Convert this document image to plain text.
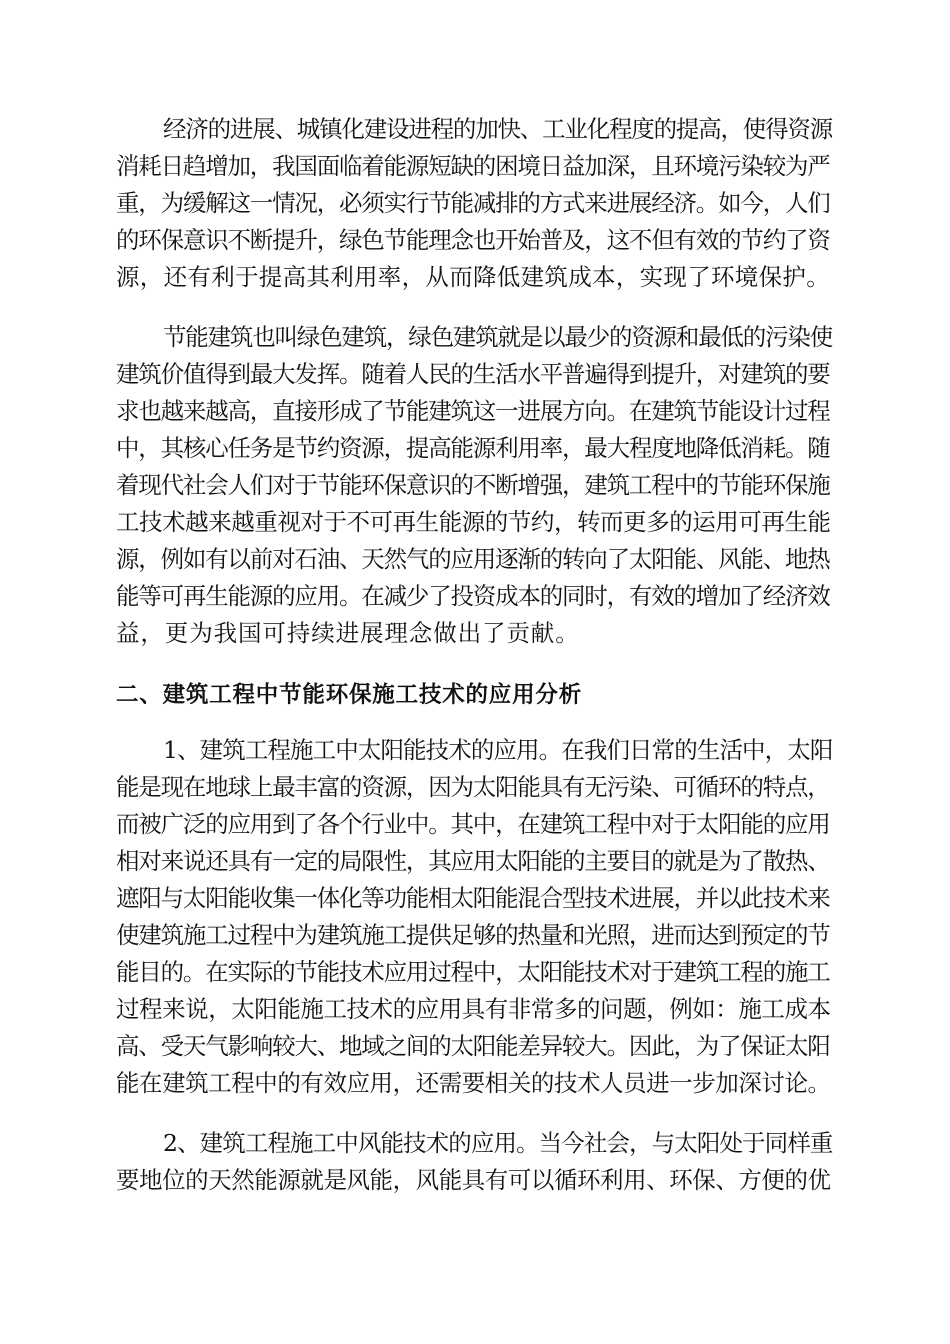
经济的进展、城镇化建设进程的加快、工业化程度的提高，使得资源
消耗日趋增加，我国面临着能源短缺的困境日益加深，且环境污染较为严
重，为缓解这一情况，必须实行节能减排的方式来进展经济。如今，人们
的环保意识不断提升，绿色节能理念也开始普及，这不但有效的节约了资
源，还有利于提高其利用率，从而降低建筑成本，实现了环境保护。
节能建筑也叫绿色建筑，绿色建筑就是以最少的资源和最低的污染使
建筑价值得到最大发挥。随着人民的生活水平普遍得到提升，对建筑的要
求也越来越高，直接形成了节能建筑这一进展方向。在建筑节能设计过程
中，其核心任务是节约资源，提高能源利用率，最大程度地降低消耗。随
着现代社会人们对于节能环保意识的不断增强，建筑工程中的节能环保施
工技术越来越重视对于不可再生能源的节约，转而更多的运用可再生能
源，例如有以前对石油、天然气的应用逐渐的转向了太阳能、风能、地热
能等可再生能源的应用。在减少了投资成本的同时，有效的增加了经济效
益，更为我国可持续进展理念做出了贡献。
二、建筑工程中节能环保施工技术的应用分析
1、建筑工程施工中太阳能技术的应用。在我们日常的生活中，太阳
能是现在地球上最丰富的资源，因为太阳能具有无污染、可循环的特点，
而被广泛的应用到了各个行业中。其中，在建筑工程中对于太阳能的应用
相对来说还具有一定的局限性，其应用太阳能的主要目的就是为了散热、
遮阳与太阳能收集一体化等功能相太阳能混合型技术进展，并以此技术来
使建筑施工过程中为建筑施工提供足够的热量和光照，进而达到预定的节
能目的。在实际的节能技术应用过程中，太阳能技术对于建筑工程的施工
过程来说，太阳能施工技术的应用具有非常多的问题，例如：施工成本
高、受天气影响较大、地域之间的太阳能差异较大。因此，为了保证太阳
能在建筑工程中的有效应用，还需要相关的技术人员进一步加深讨论。
2、建筑工程施工中风能技术的应用。当今社会，与太阳处于同样重
要地位的天然能源就是风能，风能具有可以循环利用、环保、方便的优
